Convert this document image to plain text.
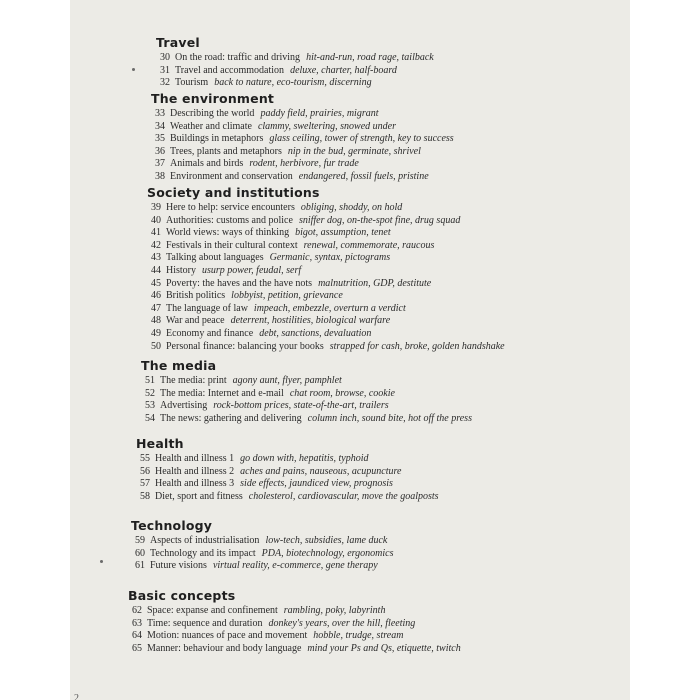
Travel
30 On the road: traffic and driving hit-and-run, road rage, tailback
31 Travel and accommodation deluxe, charter, half-board
32 Tourism back to nature, eco-tourism, discerning
The environment
33 Describing the world paddy field, prairies, migrant
34 Weather and climate clammy, sweltering, snowed under
35 Buildings in metaphors glass ceiling, tower of strength, key to success
36 Trees, plants and metaphors nip in the bud, germinate, shrivel
37 Animals and birds rodent, herbivore, fur trade
38 Environment and conservation endangered, fossil fuels, pristine
Society and institutions
39 Here to help: service encounters obliging, shoddy, on hold
40 Authorities: customs and police sniffer dog, on-the-spot fine, drug squad
41 World views: ways of thinking bigot, assumption, tenet
42 Festivals in their cultural context renewal, commemorate, raucous
43 Talking about languages Germanic, syntax, pictograms
44 History usurp power, feudal, serf
45 Poverty: the haves and the have nots malnutrition, GDP, destitute
46 British politics lobbyist, petition, grievance
47 The language of law impeach, embezzle, overturn a verdict
48 War and peace deterrent, hostilities, biological warfare
49 Economy and finance debt, sanctions, devaluation
50 Personal finance: balancing your books strapped for cash, broke, golden handshake
The media
51 The media: print agony aunt, flyer, pamphlet
52 The media: Internet and e-mail chat room, browse, cookie
53 Advertising rock-bottom prices, state-of-the-art, trailers
54 The news: gathering and delivering column inch, sound bite, hot off the press
Health
55 Health and illness 1 go down with, hepatitis, typhoid
56 Health and illness 2 aches and pains, nauseous, acupuncture
57 Health and illness 3 side effects, jaundiced view, prognosis
58 Diet, sport and fitness cholesterol, cardiovascular, move the goalposts
Technology
59 Aspects of industrialisation low-tech, subsidies, lame duck
60 Technology and its impact PDA, biotechnology, ergonomics
61 Future visions virtual reality, e-commerce, gene therapy
Basic concepts
62 Space: expanse and confinement rambling, poky, labyrinth
63 Time: sequence and duration donkey's years, over the hill, fleeting
64 Motion: nuances of pace and movement hobble, trudge, stream
65 Manner: behaviour and body language mind your Ps and Qs, etiquette, twitch
2
